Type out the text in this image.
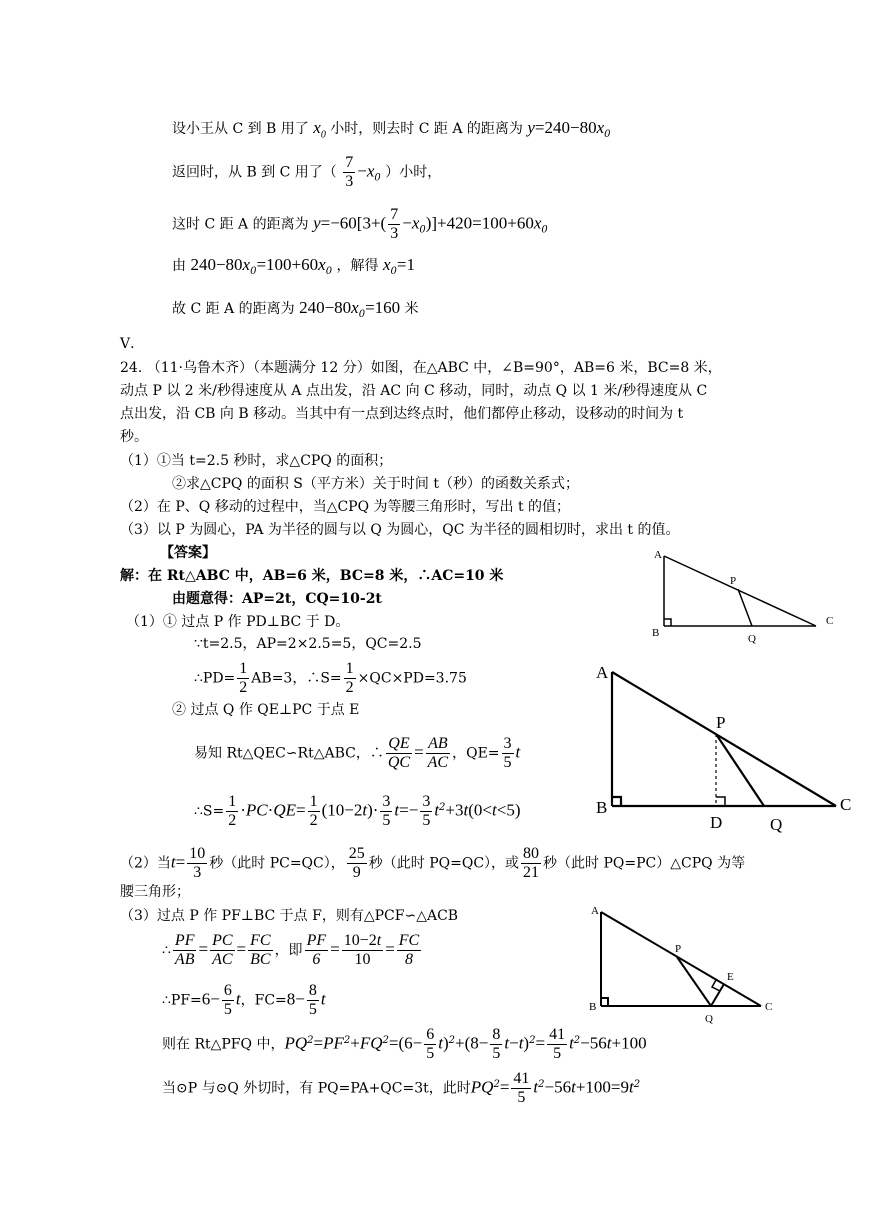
设小王从 C 到 B 用了 $x_0$ 小时，则去时 C 距 A 的距离为 $y=240-80x_0$
返回时，从 B 到 C 用了（ $\frac{7}{3} -x_0$ ）小时，
这时 C 距 A 的距离为 $y=-60[3+( \frac{7}{3} -x_0)]+420=100+60x_0$
由 $240-80x_0=100+60x_0$ ，解得 $x_0=1$
故 C 距 A 的距离为 $240-80x_0=160$ 米
V．
24. （11·乌鲁木齐）（本题满分 12 分）如图，在△ABC 中，∠B=90°，AB=6 米，BC=8 米，
动点 P 以 2 米/秒得速度从 A 点出发，沿 AC 向 C 移动，同时，动点 Q 以 1 米/秒得速度从 C
点出发，沿 CB 向 B 移动。当其中有一点到达终点时，他们都停止移动，设移动的时间为 t
秒。
（1）①当 t=2.5 秒时，求△CPQ 的面积；
②求△CPQ 的面积 S（平方米）关于时间 t（秒）的函数关系式；
（2）在 P、Q 移动的过程中，当△CPQ 为等腰三角形时，写出 t 的值；
（3）以 P 为圆心，PA 为半径的圆与以 Q 为圆心，QC 为半径的圆相切时，求出 t 的值。
【答案】
解：在 Rt△ABC 中，AB=6 米，BC=8 米，∴AC=10 米
由题意得：AP=2t，CQ=10-2t
（1）① 过点 P 作 PD⊥BC 于 D。
∵t=2.5，AP=2×2.5=5，QC=2.5
∴PD= $\frac{1}{2} AB=3$，∴S= $\frac{1}{2} \times QC\times PD=3.75$
② 过点 Q 作 QE⊥PC 于点 E
易知 Rt△QEC∽Rt△ABC，∴ $\frac{QE}{QC} = \frac{AB}{AC}$ ，$QE= \frac{3}{5}$ t
∴S= $\frac{1}{2} \cdot PC\cdot QE= \frac{1}{2} (10-2t)\cdot \frac{3}{5} t=- \frac{3}{5} t^2+3t(0<t<5)$
（2）当$t= \frac{10}{3}$ 秒（此时 PC=QC）， $\frac{25}{9}$ 秒（此时 PQ=QC），或 $\frac{80}{21}$ 秒（此时 PQ=PC）△CPQ 为等
腰三角形；
（3）过点 P 作 PF⊥BC 于点 F，则有△PCF∽△ACB
∴ $\frac{PF}{AB} = \frac{PC}{AC} = \frac{FC}{BC}$ ，即 $\frac{PF}{6} = \frac{10-2t}{10} = \frac{FC}{8}$
∴PF=6− $\frac{6}{5}$ t，$FC=8- \frac{8}{5}$ t
则在 Rt△PFQ 中，$PQ^2=PF^2+FQ^2=(6- \frac{6}{5} t)^2+(8- \frac{8}{5} t-t)^2= \frac{41}{5} t^2-56t+100$
当⊙P 与⊙Q 外切时，有 PQ=PA+QC=3t，此时$PQ^2= \frac{41}{5} t^2-56t+100=9t^2$
A
P
B	Q
C
A
P
B
D	Q
C
A
P
E
B
Q
C
